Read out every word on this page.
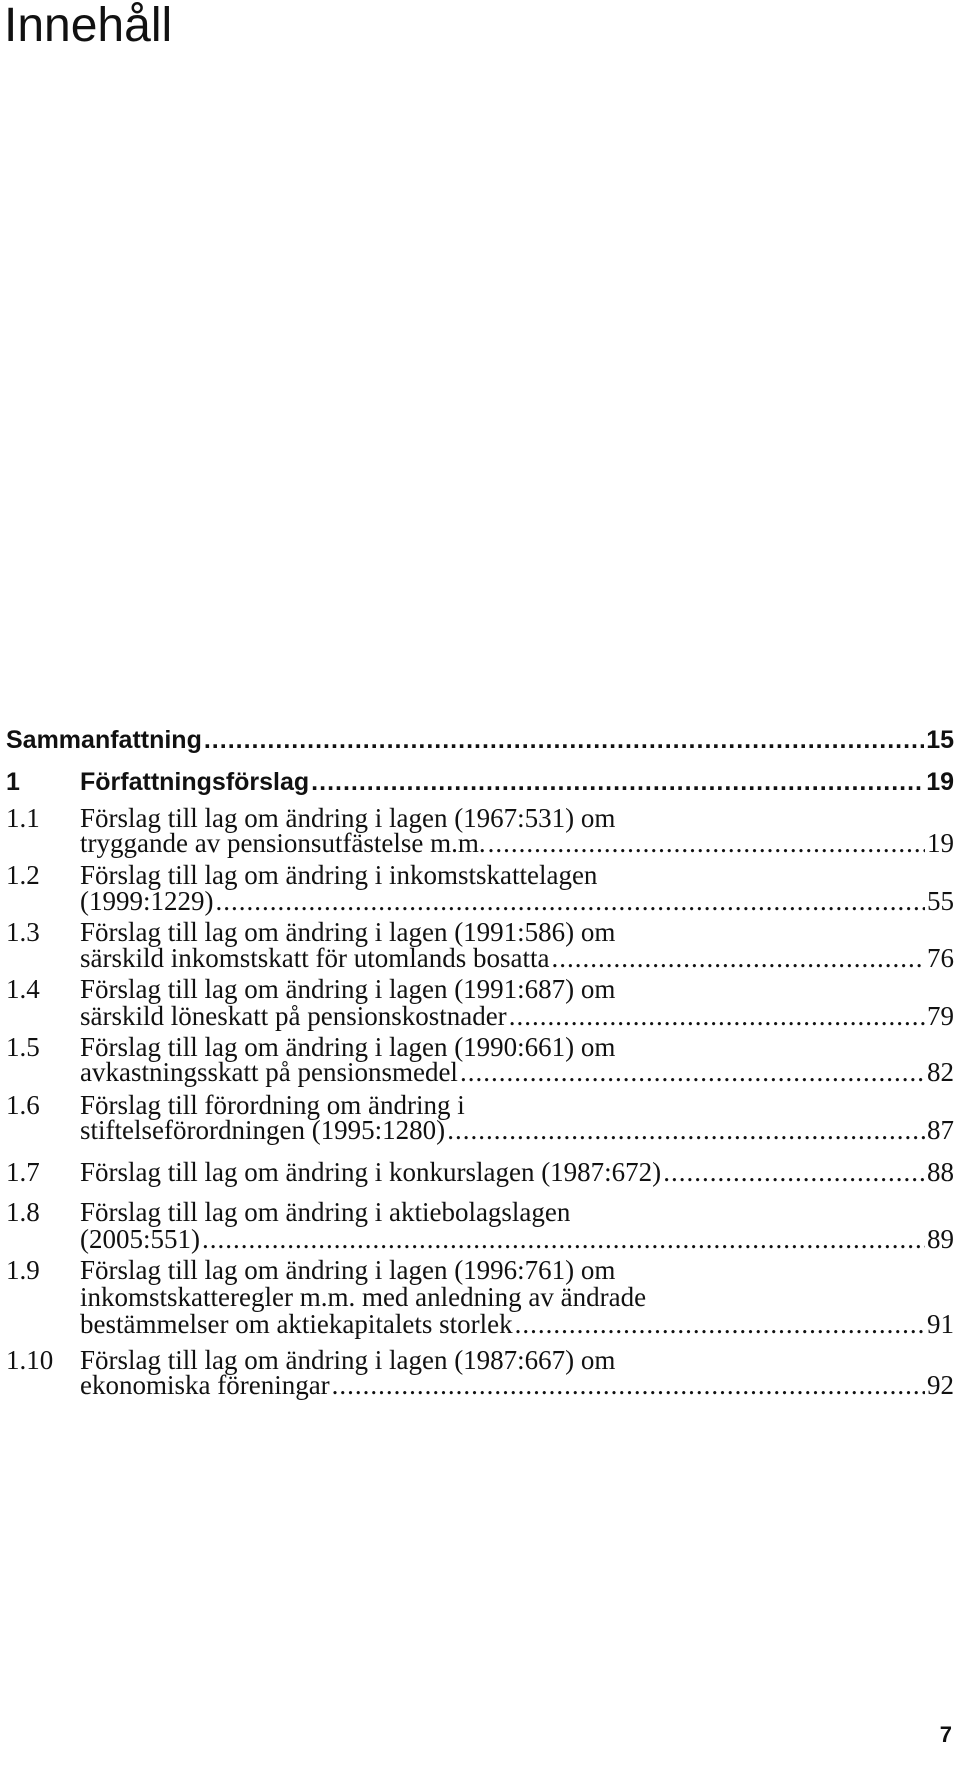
Innehåll
Sammanfattning .....	15
1 Författningsförslag .....	19
1.1 Förslag till lag om ändring i lagen (1967:531) om
tryggande av pensionsutfästelse m.m. .....	19
1.2 Förslag till lag om ändring i inkomstskattelagen
(1999:1229) .....	55
1.3 Förslag till lag om ändring i lagen (1991:586) om
särskild inkomstskatt för utomlands bosatta .....	76
1.4 Förslag till lag om ändring i lagen (1991:687) om
särskild löneskatt på pensionskostnader .....	79
1.5 Förslag till lag om ändring i lagen (1990:661) om
avkastningsskatt på pensionsmedel .....	82
1.6 Förslag till förordning om ändring i
stiftelseförordningen (1995:1280) .....	87
1.7 Förslag till lag om ändring i konkurslagen (1987:672) .....	88
1.8 Förslag till lag om ändring i aktiebolagslagen
(2005:551) .....	89
1.9 Förslag till lag om ändring i lagen (1996:761) om
inkomstskatteregler m.m. med anledning av ändrade
bestämmelser om aktiekapitalets storlek .....	91
1.10 Förslag till lag om ändring i lagen (1987:667) om
ekonomiska föreningar .....	92
7
